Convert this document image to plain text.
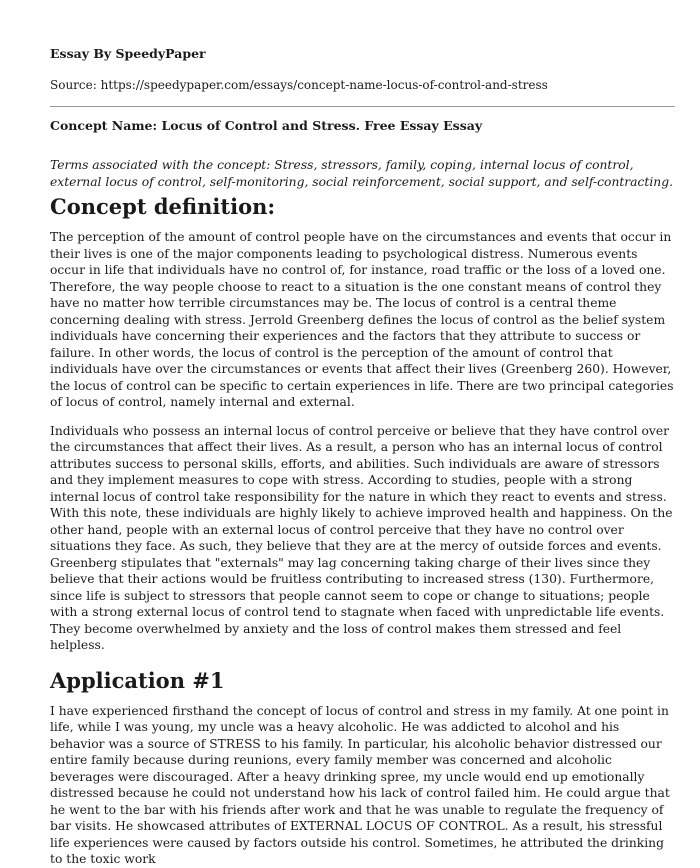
Essay By SpeedyPaper

Source: https://speedypaper.com/essays/concept-name-locus-of-control-and-stress

Concept Name: Locus of Control and Stress. Free Essay Essay

Terms associated with the concept: Stress, stressors, family, coping, internal locus of control, external locus of control, self-monitoring, social reinforcement, social support, and self-contracting.

Concept definition:

The perception of the amount of control people have on the circumstances and events that occur in their lives is one of the major components leading to psychological distress. Numerous events occur in life that individuals have no control of, for instance, road traffic or the loss of a loved one. Therefore, the way people choose to react to a situation is the one constant means of control they have no matter how terrible circumstances may be. The locus of control is a central theme concerning dealing with stress. Jerrold Greenberg defines the locus of control as the belief system individuals have concerning their experiences and the factors that they attribute to success or failure. In other words, the locus of control is the perception of the amount of control that individuals have over the circumstances or events that affect their lives (Greenberg 260). However, the locus of control can be specific to certain experiences in life. There are two principal categories of locus of control, namely internal and external.

Individuals who possess an internal locus of control perceive or believe that they have control over the circumstances that affect their lives. As a result, a person who has an internal locus of control attributes success to personal skills, efforts, and abilities. Such individuals are aware of stressors and they implement measures to cope with stress. According to studies, people with a strong internal locus of control take responsibility for the nature in which they react to events and stress. With this note, these individuals are highly likely to achieve improved health and happiness. On the other hand, people with an external locus of control perceive that they have no control over situations they face. As such, they believe that they are at the mercy of outside forces and events. Greenberg stipulates that "externals" may lag concerning taking charge of their lives since they believe that their actions would be fruitless contributing to increased stress (130). Furthermore, since life is subject to stressors that people cannot seem to cope or change to situations; people with a strong external locus of control tend to stagnate when faced with unpredictable life events. They become overwhelmed by anxiety and the loss of control makes them stressed and feel helpless.

Application #1

I have experienced firsthand the concept of locus of control and stress in my family. At one point in life, while I was young, my uncle was a heavy alcoholic. He was addicted to alcohol and his behavior was a source of STRESS to his family. In particular, his alcoholic behavior distressed our entire family because during reunions, every family member was concerned and alcoholic beverages were discouraged. After a heavy drinking spree, my uncle would end up emotionally distressed because he could not understand how his lack of control failed him. He could argue that he went to the bar with his friends after work and that he was unable to regulate the frequency of bar visits. He showcased attributes of EXTERNAL LOCUS OF CONTROL. As a result, his stressful life experiences were caused by factors outside his control. Sometimes, he attributed the drinking to the toxic work
